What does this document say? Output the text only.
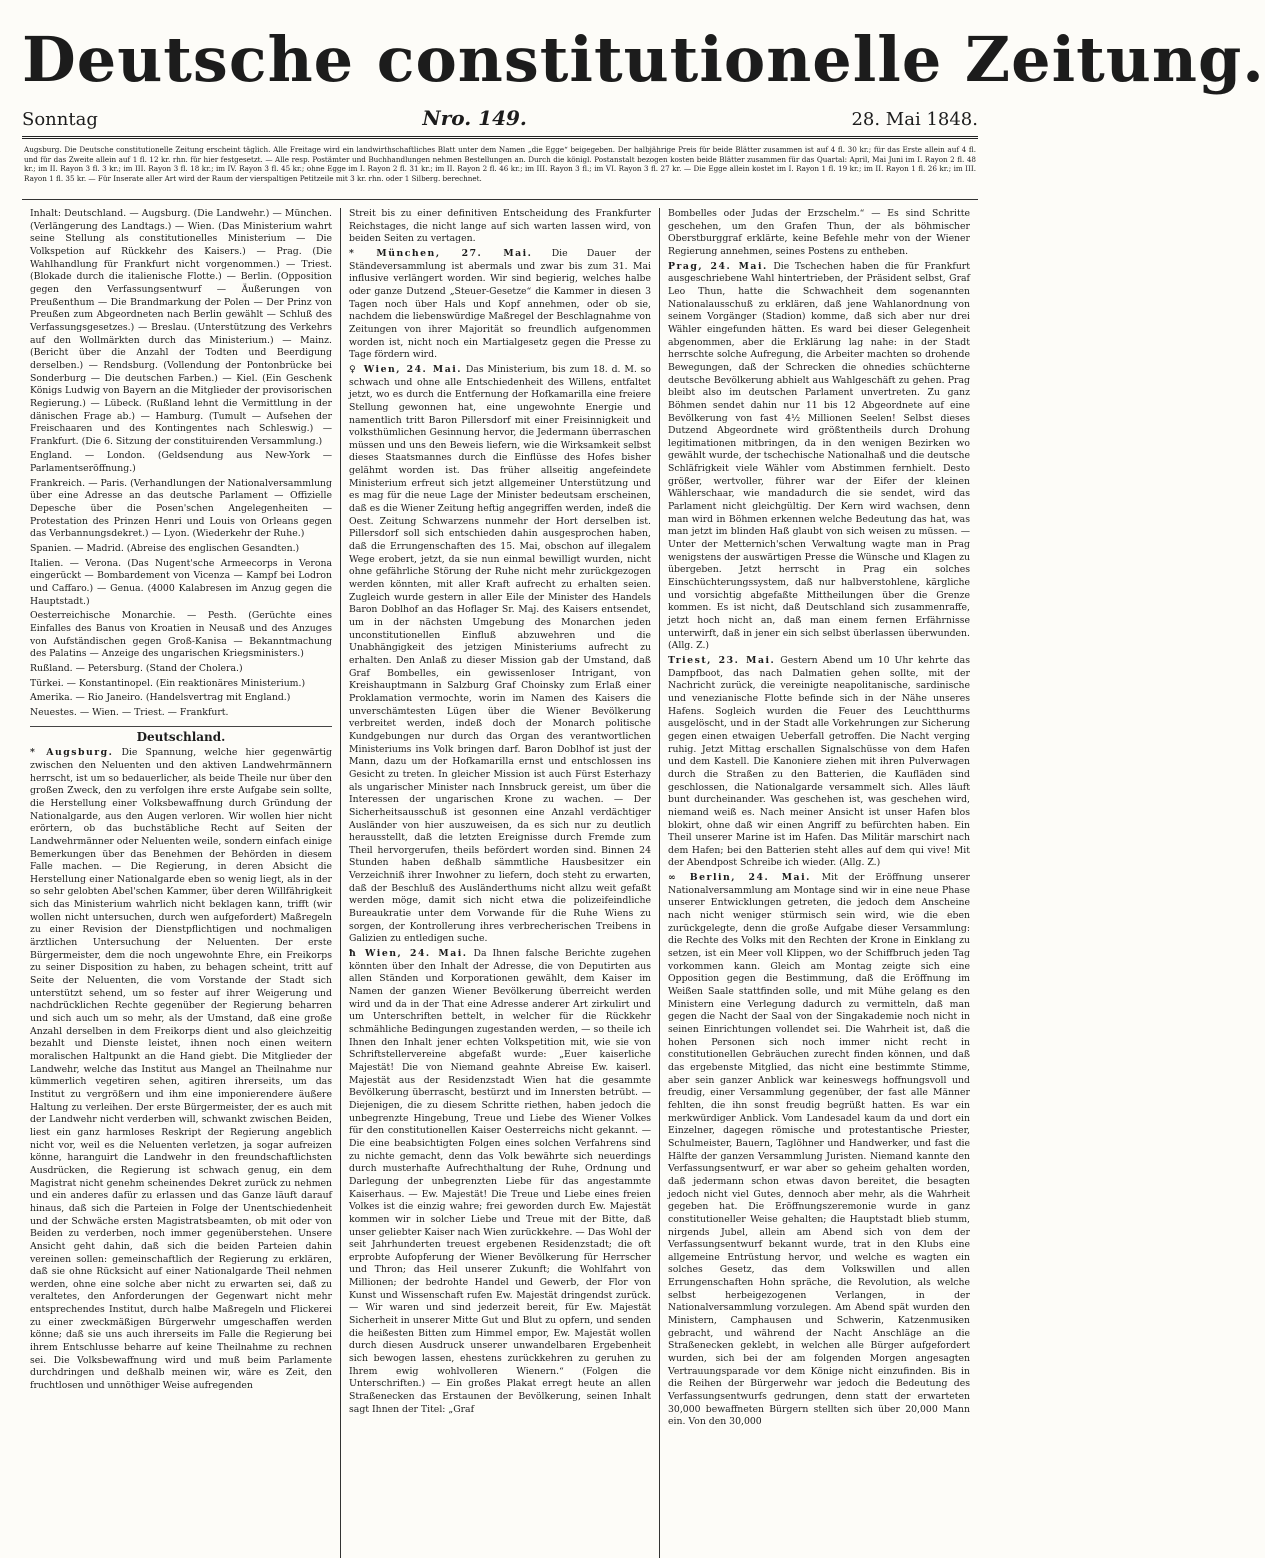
Deutsche constitutionelle Zeitung.
Sonntag	Nro. 149.	28. Mai 1848.
Augsburg. Die Deutsche constitutionelle Zeitung erscheint täglich. Alle Freitage wird ein landwirthschaftliches Blatt unter dem Namen „die Egge“ beigegeben. Der halbjährige Preis für beide Blätter zusammen ist auf 4 fl. 30 kr.; für das Erste allein auf 4 fl. und für das Zweite allein auf 1 fl. 12 kr. rhn. für hier festgesetzt. — Alle resp. Postämter und Buchhandlungen nehmen Bestellungen an. Durch die königl. Postanstalt bezogen kosten beide Blätter zusammen für das Quartal: April, Mai Juni im I. Rayon 2 fl. 48 kr.; im II. Rayon 3 fl. 3 kr.; im III. Rayon 3 fl. 18 kr.; im IV. Rayon 3 fl. 45 kr.; ohne Egge im I. Rayon 2 fl. 31 kr.; im II. Rayon 2 fl. 46 kr.; im III. Rayon 3 fl.; im VI. Rayon 3 fl. 27 kr. — Die Egge allein kostet im I. Rayon 1 fl. 19 kr.; im II. Rayon 1 fl. 26 kr.; im III. Rayon 1 fl. 35 kr. — Für Inserate aller Art wird der Raum der vierspaltigen Petitzeile mit 3 kr. rhn. oder 1 Silberg. berechnet.

Inhalt: Deutschland. — Augsburg. (Die Landwehr.) — München. (Verlängerung des Landtags.) — Wien. (Das Ministerium wahrt seine Stellung als constitutionelles Ministerium — Die Volkspetion auf Rückkehr des Kaisers.) — Prag. (Die Wahlhandlung für Frankfurt nicht vorgenommen.) — Triest. (Blokade durch die italienische Flotte.) — Berlin. (Opposition gegen den Verfassungsentwurf — Äußerungen von Preußenthum — Die Brandmarkung der Polen — Der Prinz von Preußen zum Abgeordneten nach Berlin gewählt — Schluß des Verfassungsgesetzes.) — Breslau. (Unterstützung des Verkehrs auf den Wollmärkten durch das Ministerium.) — Mainz. (Bericht über die Anzahl der Todten und Beerdigung derselben.) — Rendsburg. (Vollendung der Pontonbrücke bei Sonderburg — Die deutschen Farben.) — Kiel. (Ein Geschenk Königs Ludwig von Bayern an die Mitglieder der provisorischen Regierung.) — Lübeck. (Rußland lehnt die Vermittlung in der dänischen Frage ab.) — Hamburg. (Tumult — Aufsehen der Freischaaren und des Kontingentes nach Schleswig.) — Frankfurt. (Die 6. Sitzung der constituirenden Versammlung.)

England. — London. (Geldsendung aus New-York — Parlamentseröffnung.)

Frankreich. — Paris. (Verhandlungen der Nationalversammlung über eine Adresse an das deutsche Parlament — Offizielle Depesche über die Posen'schen Angelegenheiten — Protestation des Prinzen Henri und Louis von Orleans gegen das Verbannungsdekret.) — Lyon. (Wiederkehr der Ruhe.)

Spanien. — Madrid. (Abreise des englischen Gesandten.)

Italien. — Verona. (Das Nugent'sche Armeecorps in Verona eingerückt — Bombardement von Vicenza — Kampf bei Lodron und Caffaro.) — Genua. (4000 Kalabresen im Anzug gegen die Hauptstadt.)

Oesterreichische Monarchie. — Pesth. (Gerüchte eines Einfalles des Banus von Kroatien in Neusaß und des Anzuges von Aufständischen gegen Groß-Kanisa — Bekanntmachung des Palatins — Anzeige des ungarischen Kriegsministers.)

Rußland. — Petersburg. (Stand der Cholera.)

Türkei. — Konstantinopel. (Ein reaktionäres Ministerium.)

Amerika. — Rio Janeiro. (Handelsvertrag mit England.)

Neuestes. — Wien. — Triest. — Frankfurt.

Deutschland.

* Augsburg. Die Spannung, welche hier gegenwärtig zwischen den Neluenten und den aktiven Landwehrmännern herrscht, ist um so bedauerlicher, als beide Theile nur über den großen Zweck, den zu verfolgen ihre erste Aufgabe sein sollte, die Herstellung einer Volksbewaffnung durch Gründung der Nationalgarde, aus den Augen verloren. Wir wollen hier nicht erörtern, ob das buchstäbliche Recht auf Seiten der Landwehrmänner oder Neluenten weile, sondern einfach einige Bemerkungen über das Benehmen der Behörden in diesem Falle machen. — Die Regierung, in deren Absicht die Herstellung einer Nationalgarde eben so wenig liegt, als in der so sehr gelobten Abel'schen Kammer, über deren Willfährigkeit sich das Ministerium wahrlich nicht beklagen kann, trifft (wir wollen nicht untersuchen, durch wen aufgefordert) Maßregeln zu einer Revision der Dienstpflichtigen und nochmaligen ärztlichen Untersuchung der Neluenten. Der erste Bürgermeister, dem die noch ungewohnte Ehre, ein Freikorps zu seiner Disposition zu haben, zu behagen scheint, tritt auf Seite der Neluenten, die vom Vorstande der Stadt sich unterstützt sehend, um so fester auf ihrer Weigerung und nachdrücklichen Rechte gegenüber der Regierung beharren und sich auch um so mehr, als der Umstand, daß eine große Anzahl derselben in dem Freikorps dient und also gleichzeitig bezahlt und Dienste leistet, ihnen noch einen weitern moralischen Haltpunkt an die Hand giebt. Die Mitglieder der Landwehr, welche das Institut aus Mangel an Theilnahme nur kümmerlich vegetiren sehen, agitiren ihrerseits, um das Institut zu vergrößern und ihm eine imponierendere äußere Haltung zu verleihen. Der erste Bürgermeister, der es auch mit der Landwehr nicht verderben will, schwankt zwischen Beiden, liest ein ganz harmloses Reskript der Regierung angeblich nicht vor, weil es die Neluenten verletzen, ja sogar aufreizen könne, haranguirt die Landwehr in den freundschaftlichsten Ausdrücken, die Regierung ist schwach genug, ein dem Magistrat nicht genehm scheinendes Dekret zurück zu nehmen und ein anderes dafür zu erlassen und das Ganze läuft darauf hinaus, daß sich die Parteien in Folge der Unentschiedenheit und der Schwäche ersten Magistratsbeamten, ob mit oder von Beiden zu verderben, noch immer gegenüberstehen. Unsere Ansicht geht dahin, daß sich die beiden Parteien dahin vereinen sollen: gemeinschaftlich der Regierung zu erklären, daß sie ohne Rücksicht auf einer Nationalgarde Theil nehmen werden, ohne eine solche aber nicht zu erwarten sei, daß zu veraltetes, den Anforderungen der Gegenwart nicht mehr entsprechendes Institut, durch halbe Maßregeln und Flickerei zu einer zweckmäßigen Bürgerwehr umgeschaffen werden könne; daß sie uns auch ihrerseits im Falle die Regierung bei ihrem Entschlusse beharre auf keine Theilnahme zu rechnen sei. Die Volksbewaffnung wird und muß beim Parlamente durchdringen und deßhalb meinen wir, wäre es Zeit, den fruchtlosen und unnöthiger Weise aufregenden

Streit bis zu einer definitiven Entscheidung des Frankfurter Reichstages, die nicht lange auf sich warten lassen wird, von beiden Seiten zu vertagen.

* München, 27. Mai. Die Dauer der Ständeversammlung ist abermals und zwar bis zum 31. Mai influsive verlängert worden. Wir sind begierig, welches halbe oder ganze Dutzend „Steuer-Gesetze“ die Kammer in diesen 3 Tagen noch über Hals und Kopf annehmen, oder ob sie, nachdem die liebenswürdige Maßregel der Beschlagnahme von Zeitungen von ihrer Majorität so freundlich aufgenommen worden ist, nicht noch ein Martialgesetz gegen die Presse zu Tage fördern wird.

♀ Wien, 24. Mai. Das Ministerium, bis zum 18. d. M. so schwach und ohne alle Entschiedenheit des Willens, entfaltet jetzt, wo es durch die Entfernung der Hofkamarilla eine freiere Stellung gewonnen hat, eine ungewohnte Energie und namentlich tritt Baron Pillersdorf mit einer Freisinnigkeit und volksthümlichen Gesinnung hervor, die Jedermann überraschen müssen und uns den Beweis liefern, wie die Wirksamkeit selbst dieses Staatsmannes durch die Einflüsse des Hofes bisher gelähmt worden ist. Das früher allseitig angefeindete Ministerium erfreut sich jetzt allgemeiner Unterstützung und es mag für die neue Lage der Minister bedeutsam erscheinen, daß es die Wiener Zeitung heftig angegriffen werden, indeß die Oest. Zeitung Schwarzens nunmehr der Hort derselben ist. Pillersdorf soll sich entschieden dahin ausgesprochen haben, daß die Errungenschaften des 15. Mai, obschon auf illegalem Wege erobert, jetzt, da sie nun einmal bewilligt wurden, nicht ohne gefährliche Störung der Ruhe nicht mehr zurückgezogen werden könnten, mit aller Kraft aufrecht zu erhalten seien. Zugleich wurde gestern in aller Eile der Minister des Handels Baron Doblhof an das Hoflager Sr. Maj. des Kaisers entsendet, um in der nächsten Umgebung des Monarchen jeden unconstitutionellen Einfluß abzuwehren und die Unabhängigkeit des jetzigen Ministeriums aufrecht zu erhalten. Den Anlaß zu dieser Mission gab der Umstand, daß Graf Bombelles, ein gewissenloser Intrigant, von Kreishauptmann in Salzburg Graf Choinsky zum Erlaß einer Proklamation vermochte, worin im Namen des Kaisers die unverschämtesten Lügen über die Wiener Bevölkerung verbreitet werden, indeß doch der Monarch politische Kundgebungen nur durch das Organ des verantwortlichen Ministeriums ins Volk bringen darf. Baron Doblhof ist just der Mann, dazu um der Hofkamarilla ernst und entschlossen ins Gesicht zu treten. In gleicher Mission ist auch Fürst Esterhazy als ungarischer Minister nach Innsbruck gereist, um über die Interessen der ungarischen Krone zu wachen. — Der Sicherheitsausschuß ist gesonnen eine Anzahl verdächtiger Ausländer von hier auszuweisen, da es sich nur zu deutlich herausstellt, daß die letzten Ereignisse durch Fremde zum Theil hervorgerufen, theils befördert worden sind. Binnen 24 Stunden haben deßhalb sämmtliche Hausbesitzer ein Verzeichniß ihrer Inwohner zu liefern, doch steht zu erwarten, daß der Beschluß des Ausländerthums nicht allzu weit gefaßt werden möge, damit sich nicht etwa die polizeifeindliche Bureaukratie unter dem Vorwande für die Ruhe Wiens zu sorgen, der Kontrollerung ihres verbrecherischen Treibens in Galizien zu entledigen suche.

ħ Wien, 24. Mai. Da Ihnen falsche Berichte zugehen könnten über den Inhalt der Adresse, die von Deputirten aus allen Ständen und Korporationen gewählt, dem Kaiser im Namen der ganzen Wiener Bevölkerung überreicht werden wird und da in der That eine Adresse anderer Art zirkulirt und um Unterschriften bettelt, in welcher für die Rückkehr schmähliche Bedingungen zugestanden werden, — so theile ich Ihnen den Inhalt jener echten Volkspetition mit, wie sie von Schriftstellervereine abgefaßt wurde: „Euer kaiserliche Majestät! Die von Niemand geahnte Abreise Ew. kaiserl. Majestät aus der Residenzstadt Wien hat die gesammte Bevölkerung überrascht, bestürzt und im Innersten betrübt. — Diejenigen, die zu diesem Schritte riethen, haben jedoch die unbegrenzte Hingebung, Treue und Liebe des Wiener Volkes für den constitutionellen Kaiser Oesterreichs nicht gekannt. — Die eine beabsichtigten Folgen eines solchen Verfahrens sind zu nichte gemacht, denn das Volk bewährte sich neuerdings durch musterhafte Aufrechthaltung der Ruhe, Ordnung und Darlegung der unbegrenzten Liebe für das angestammte Kaiserhaus. — Ew. Majestät! Die Treue und Liebe eines freien Volkes ist die einzig wahre; frei geworden durch Ew. Majestät kommen wir in solcher Liebe und Treue mit der Bitte, daß unser geliebter Kaiser nach Wien zurückkehre. — Das Wohl der seit Jahrhunderten treuest ergebenen Residenzstadt; die oft erprobte Aufopferung der Wiener Bevölkerung für Herrscher und Thron; das Heil unserer Zukunft; die Wohlfahrt von Millionen; der bedrohte Handel und Gewerb, der Flor von Kunst und Wissenschaft rufen Ew. Majestät dringendst zurück. — Wir waren und sind jederzeit bereit, für Ew. Majestät Sicherheit in unserer Mitte Gut und Blut zu opfern, und senden die heißesten Bitten zum Himmel empor, Ew. Majestät wollen durch diesen Ausdruck unserer unwandelbaren Ergebenheit sich bewogen lassen, ehestens zurückkehren zu geruhen zu Ihrem ewig wohlvolleren Wienern.“ (Folgen die Unterschriften.) — Ein großes Plakat erregt heute an allen Straßenecken das Erstaunen der Bevölkerung, seinen Inhalt sagt Ihnen der Titel: „Graf

Bombelles oder Judas der Erzschelm.“ — Es sind Schritte geschehen, um den Grafen Thun, der als böhmischer Oberstburggraf erklärte, keine Befehle mehr von der Wiener Regierung annehmen, seines Postens zu entheben.

Prag, 24. Mai. Die Tschechen haben die für Frankfurt ausgeschriebene Wahl hintertrieben, der Präsident selbst, Graf Leo Thun, hatte die Schwachheit dem sogenannten Nationalausschuß zu erklären, daß jene Wahlanordnung von seinem Vorgänger (Stadion) komme, daß sich aber nur drei Wähler eingefunden hätten. Es ward bei dieser Gelegenheit abgenommen, aber die Erklärung lag nahe: in der Stadt herrschte solche Aufregung, die Arbeiter machten so drohende Bewegungen, daß der Schrecken die ohnedies schüchterne deutsche Bevölkerung abhielt aus Wahlgeschäft zu gehen. Prag bleibt also im deutschen Parlament unvertreten. Zu ganz Böhmen sendet dahin nur 11 bis 12 Abgeordnete auf eine Bevölkerung von fast 4½ Millionen Seelen! Selbst dieses Dutzend Abgeordnete wird größtentheils durch Drohung legitimationen mitbringen, da in den wenigen Bezirken wo gewählt wurde, der tschechische Nationalhaß und die deutsche Schläfrigkeit viele Wähler vom Abstimmen fernhielt. Desto größer, wertvoller, führer war der Eifer der kleinen Wählerschaar, wie mandadurch die sie sendet, wird das Parlament nicht gleichgültig. Der Kern wird wachsen, denn man wird in Böhmen erkennen welche Bedeutung das hat, was man jetzt im blinden Haß glaubt von sich weisen zu müssen. — Unter der Metternich'schen Verwaltung wagte man in Prag wenigstens der auswärtigen Presse die Wünsche und Klagen zu übergeben. Jetzt herrscht in Prag ein solches Einschüchterungssystem, daß nur halbverstohlene, kärgliche und vorsichtig abgefaßte Mittheilungen über die Grenze kommen. Es ist nicht, daß Deutschland sich zusammenraffe, jetzt hoch nicht an, daß man einem fernen Erfährnisse unterwirft, daß in jener ein sich selbst überlassen überwunden. (Allg. Z.)

Triest, 23. Mai. Gestern Abend um 10 Uhr kehrte das Dampfboot, das nach Dalmatien gehen sollte, mit der Nachricht zurück, die vereinigte neapolitanische, sardinische und venezianische Flotte befinde sich in der Nähe unseres Hafens. Sogleich wurden die Feuer des Leuchtthurms ausgelöscht, und in der Stadt alle Vorkehrungen zur Sicherung gegen einen etwaigen Ueberfall getroffen. Die Nacht verging ruhig. Jetzt Mittag erschallen Signalschüsse von dem Hafen und dem Kastell. Die Kanoniere ziehen mit ihren Pulverwagen durch die Straßen zu den Batterien, die Kaufläden sind geschlossen, die Nationalgarde versammelt sich. Alles läuft bunt durcheinander. Was geschehen ist, was geschehen wird, niemand weiß es. Nach meiner Ansicht ist unser Hafen blos blokirt, ohne daß wir einen Angriff zu befürchten haben. Ein Theil unserer Marine ist im Hafen. Das Militär marschirt nach dem Hafen; bei den Batterien steht alles auf dem qui vive! Mit der Abendpost Schreibe ich wieder. (Allg. Z.)

∞ Berlin, 24. Mai. Mit der Eröffnung unserer Nationalversammlung am Montage sind wir in eine neue Phase unserer Entwicklungen getreten, die jedoch dem Anscheine nach nicht weniger stürmisch sein wird, wie die eben zurückgelegte, denn die große Aufgabe dieser Versammlung: die Rechte des Volks mit den Rechten der Krone in Einklang zu setzen, ist ein Meer voll Klippen, wo der Schiffbruch jeden Tag vorkommen kann. Gleich am Montag zeigte sich eine Opposition gegen die Bestimmung, daß die Eröffnung im Weißen Saale stattfinden solle, und mit Mühe gelang es den Ministern eine Verlegung dadurch zu vermitteln, daß man gegen die Nacht der Saal von der Singakademie noch nicht in seinen Einrichtungen vollendet sei. Die Wahrheit ist, daß die hohen Personen sich noch immer nicht recht in constitutionellen Gebräuchen zurecht finden können, und daß das ergebenste Mitglied, das nicht eine bestimmte Stimme, aber sein ganzer Anblick war keineswegs hoffnungsvoll und freudig, einer Versammlung gegenüber, der fast alle Männer fehlten, die ihn sonst freudig begrüßt hatten. Es war ein merkwürdiger Anblick. Vom Landesadel kaum da und dort ein Einzelner, dagegen römische und protestantische Priester, Schulmeister, Bauern, Taglöhner und Handwerker, und fast die Hälfte der ganzen Versammlung Juristen. Niemand kannte den Verfassungsentwurf, er war aber so geheim gehalten worden, daß jedermann schon etwas davon bereitet, die besagten jedoch nicht viel Gutes, dennoch aber mehr, als die Wahrheit gegeben hat. Die Eröffnungszeremonie wurde in ganz constitutioneller Weise gehalten; die Hauptstadt blieb stumm, nirgends Jubel, allein am Abend sich von dem der Verfassungsentwurf bekannt wurde, trat in den Klubs eine allgemeine Entrüstung hervor, und welche es wagten ein solches Gesetz, das dem Volkswillen und allen Errungenschaften Hohn spräche, die Revolution, als welche selbst herbeigezogenen Verlangen, in der Nationalversammlung vorzulegen. Am Abend spät wurden den Ministern, Camphausen und Schwerin, Katzenmusiken gebracht, und während der Nacht Anschläge an die Straßenecken geklebt, in welchen alle Bürger aufgefordert wurden, sich bei der am folgenden Morgen angesagten Vertrauungsparade vor dem Könige nicht einzufinden. Bis in die Reihen der Bürgerwehr war jedoch die Bedeutung des Verfassungsentwurfs gedrungen, denn statt der erwarteten 30,000 bewaffneten Bürgern stellten sich über 20,000 Mann ein. Von den 30,000
